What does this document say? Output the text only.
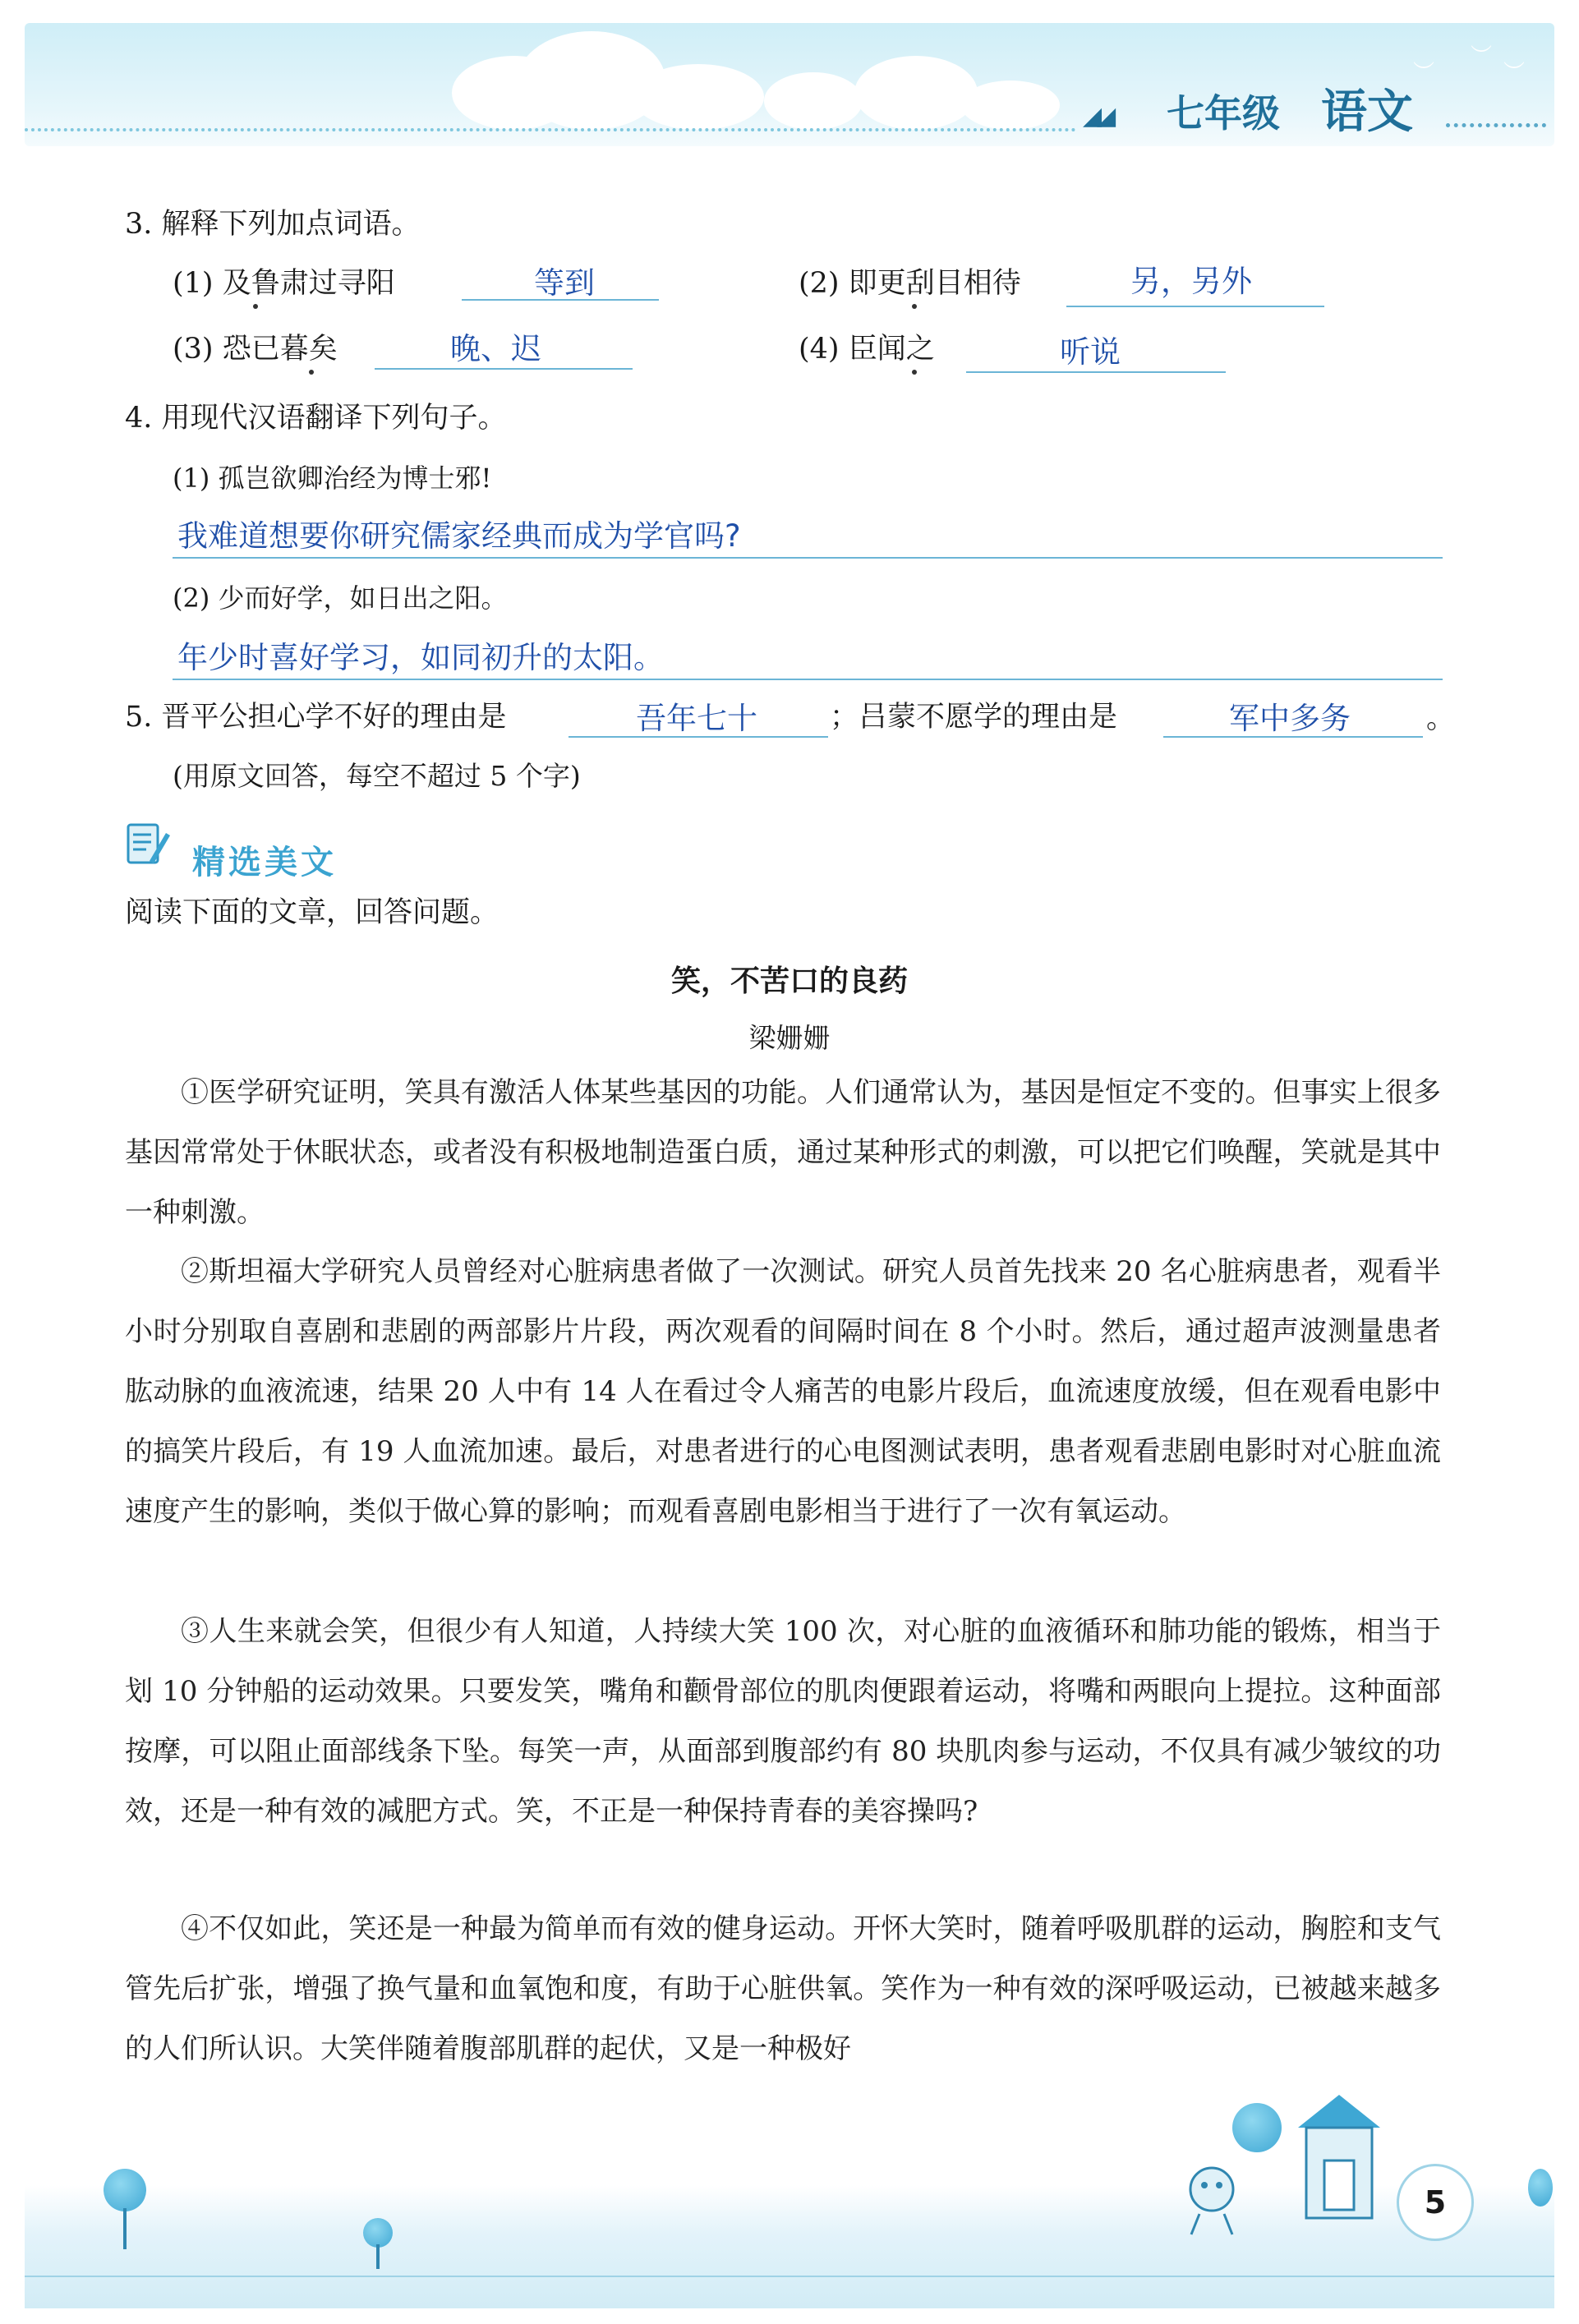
︶
︶
︶
◢◢ 七年级 语文
3. 解释下列加点词语。
(1) 及鲁肃过寻阳	等到	(2) 即更刮目相待	另，另外
(3) 恐已暮矣	晚、迟	(4) 臣闻之	听说
4. 用现代汉语翻译下列句子。
(1) 孤岂欲卿治经为博士邪!
我难道想要你研究儒家经典而成为学官吗?
(2) 少而好学，如日出之阳。
年少时喜好学习，如同初升的太阳。
5. 晋平公担心学不好的理由是	吾年七十	；吕蒙不愿学的理由是	军中多务	。
(用原文回答，每空不超过 5 个字)
精选美文
阅读下面的文章，回答问题。
笑，不苦口的良药
梁姗姗
①医学研究证明，笑具有激活人体某些基因的功能。人们通常认为，基因是恒定不变的。但事实上很多基因常常处于休眠状态，或者没有积极地制造蛋白质，通过某种形式的刺激，可以把它们唤醒，笑就是其中一种刺激。
②斯坦福大学研究人员曾经对心脏病患者做了一次测试。研究人员首先找来 20 名心脏病患者，观看半小时分别取自喜剧和悲剧的两部影片片段，两次观看的间隔时间在 8 个小时。然后，通过超声波测量患者肱动脉的血液流速，结果 20 人中有 14 人在看过令人痛苦的电影片段后，血流速度放缓，但在观看电影中的搞笑片段后，有 19 人血流加速。最后，对患者进行的心电图测试表明，患者观看悲剧电影时对心脏血流速度产生的影响，类似于做心算的影响；而观看喜剧电影相当于进行了一次有氧运动。
③人生来就会笑，但很少有人知道，人持续大笑 100 次，对心脏的血液循环和肺功能的锻炼，相当于划 10 分钟船的运动效果。只要发笑，嘴角和颧骨部位的肌肉便跟着运动，将嘴和两眼向上提拉。这种面部按摩，可以阻止面部线条下坠。每笑一声，从面部到腹部约有 80 块肌肉参与运动，不仅具有减少皱纹的功效，还是一种有效的减肥方式。笑，不正是一种保持青春的美容操吗?
④不仅如此，笑还是一种最为简单而有效的健身运动。开怀大笑时，随着呼吸肌群的运动，胸腔和支气管先后扩张，增强了换气量和血氧饱和度，有助于心脏供氧。笑作为一种有效的深呼吸运动，已被越来越多的人们所认识。大笑伴随着腹部肌群的起伏，又是一种极好
5
